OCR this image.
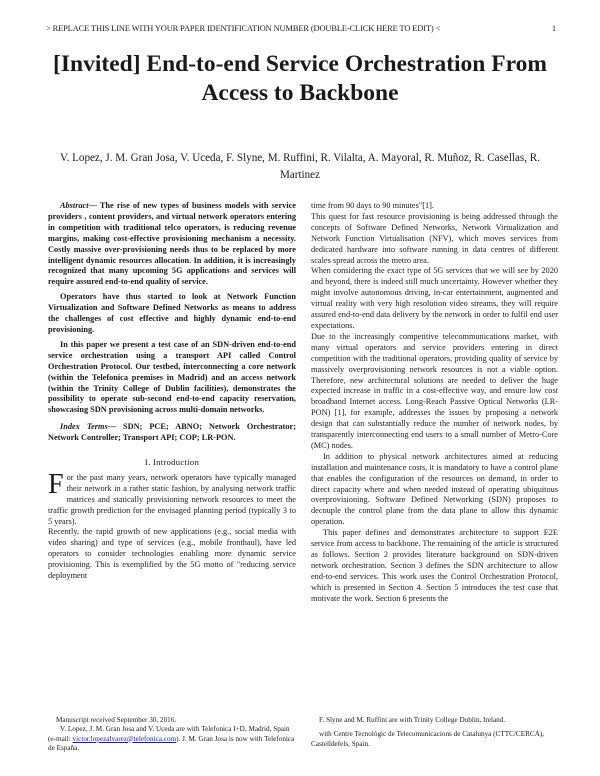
> REPLACE THIS LINE WITH YOUR PAPER IDENTIFICATION NUMBER (DOUBLE-CLICK HERE TO EDIT) <	1
[Invited] End-to-end Service Orchestration From Access to Backbone
V. Lopez, J. M. Gran Josa, V. Uceda, F. Slyne, M. Ruffini, R. Vilalta, A. Mayoral, R. Muñoz, R. Casellas, R. Martinez

Abstract— The rise of new types of business models with service providers , content providers, and virtual network operators entering in competition with traditional telco operators, is reducing revenue margins, making cost-effective provisioning mechanism a necessity. Costly massive over-provisioning needs thus to be replaced by more intelligent dynamic resources allocation. In addition, it is increasingly recognized that many upcoming 5G applications and services will require assured end-to-end quality of service.

Operators have thus started to look at Network Function Virtualization and Software Defined Networks as means to address the challenges of cost effective and highly dynamic end-to-end provisioning.

In this paper we present a test case of an SDN-driven end-to-end service orchestration using a transport API called Control Orchestration Protocol. Our testbed, interconnecting a core network (within the Telefonica premises in Madrid) and an access network (within the Trinity College of Dublin facilities), demonstrates the possibility to operate sub-second end-to-end capacity reservation, showcasing SDN provisioning across multi-domain networks.

Index Terms— SDN; PCE; ABNO; Network Orchestrator; Network Controller; Transport API; COP; LR-PON.

I. Introduction

For the past many years, network operators have typically managed their network in a rather static fashion, by analysing network traffic matrices and statically provisioning network resources to meet the traffic growth prediction for the envisaged planning period (typically 3 to 5 years).

Recently, the rapid growth of new applications (e.g., social media with video sharing) and type of services (e.g., mobile fronthaul), have led operators to consider technologies enabling more dynamic service provisioning. This is exemplified by the 5G motto of "reducing service deployment

time from 90 days to 90 minutes"[1].

This quest for fast resource provisioning is being addressed through the concepts of Software Defined Networks, Network Virtualization and Network Function Virtualisation (NFV), which moves services from dedicated hardware into software running in data centres of different scales spread across the metro area.

When considering the exact type of 5G services that we will see by 2020 and beyond, there is indeed still much uncertainty. However whether they might involve autonomous driving, in-car entertainment, augmented and virtual reality with very high resolution video streams, they will require assured end-to-end data delivery by the network in order to fulfil end user expectations.

Due to the increasingly competitive telecommunications market, with many virtual operators and service providers entering in direct competition with the traditional operators, providing quality of service by massively overprovisioning network resources is not a viable option. Therefore, new architectural solutions are needed to deliver the huge expected increase in traffic in a cost-effective way, and ensure low cost broadband Internet access. Long-Reach Passive Optical Networks (LR-PON) [1], for example, addresses the issues by proposing a network design that can substantially reduce the number of network nodes, by transparently interconnecting end users to a small number of Metro-Core (MC) nodes.

In addition to physical network architectures aimed at reducing installation and maintenance costs, it is mandatory to have a control plane that enables the configuration of the resources on demand, in order to direct capacity where and when needed instead of operating ubiquitous overprovisioning. Software Defined Networking (SDN) proposes to decouple the control plane from the data plane to allow this dynamic operation.

This paper defines and demonstrates architecture to support E2E service from access to backbone. The remaining of the article is structured as follows. Section 2 provides literature background on SDN-driven network orchestration. Section 3 defines the SDN architecture to allow end-to-end services. This work uses the Control Orchestration Protocol, which is presented in Section 4. Section 5 introduces the test case that motivate the work. Section 6 presents the

Manuscript received September 30, 2016.

V. Lopez, J. M. Gran Josa and V. Uceda are with Telefonica I+D, Madrid, Spain (e-mail: victor.lopezalvarez@telefonica.com). J. M. Gran Josa is now with Telefonica de España.

F. Slyne and M. Ruffini are with Trinity College Dublin, Ireland.

with Centre Tecnològic de Telecomunicacions de Catalunya (CTTC/CERCA), Castelldefels, Spain.
